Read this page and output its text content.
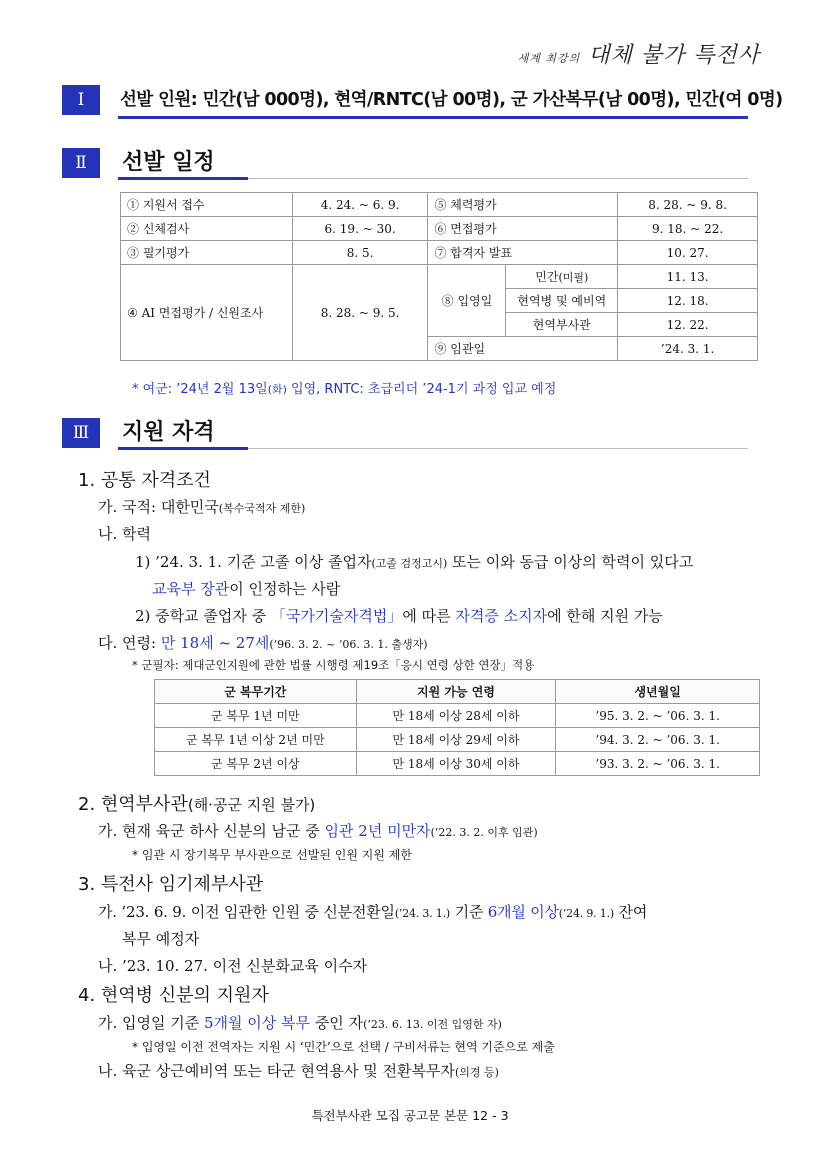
세계 최강의 대체 불가 특전사
Ⅰ	선발 인원: 민간(남 000명), 현역/RNTC(남 00명), 군 가산복무(남 00명), 민간(여 0명)
Ⅱ	선발 일정
① 지원서 접수	4. 24. ~ 6. 9.	⑤ 체력평가		8. 28. ~ 9. 8.
② 신체검사	6. 19. ~ 30.	⑥ 면접평가		9. 18. ~ 22.
③ 필기평가	8. 5.	⑦ 합격자 발표		10. 27.
④ AI 면접평가 / 신원조사	8. 28. ~ 9. 5.	⑧ 입영일	민간(미필)	11. 13.
			현역병 및 예비역	12. 18.
			현역부사관	12. 22.
		⑨ 임관일		’24. 3. 1.
* 여군: ’24년 2월 13일(화) 입영, RNTC: 초급리더 ’24-1기 과정 입교 예정
Ⅲ	지원 자격
1. 공통 자격조건
가. 국적: 대한민국(복수국적자 제한)
나. 학력
1) ’24. 3. 1. 기준 고졸 이상 졸업자(고졸 검정고시) 또는 이와 동급 이상의 학력이 있다고
교육부 장관이 인정하는 사람
2) 중학교 졸업자 중 「국가기술자격법」에 따른 자격증 소지자에 한해 지원 가능
다. 연령: 만 18세 ~ 27세(’96. 3. 2. ~ ’06. 3. 1. 출생자)
* 군필자: 제대군인지원에 관한 법률 시행령 제19조「응시 연령 상한 연장」적용
군 복무기간	지원 가능 연령	생년월일
군 복무 1년 미만	만 18세 이상 28세 이하	’95. 3. 2. ~ ’06. 3. 1.
군 복무 1년 이상 2년 미만	만 18세 이상 29세 이하	’94. 3. 2. ~ ’06. 3. 1.
군 복무 2년 이상	만 18세 이상 30세 이하	’93. 3. 2. ~ ’06. 3. 1.
2. 현역부사관(해·공군 지원 불가)
가. 현재 육군 하사 신분의 남군 중 임관 2년 미만자(’22. 3. 2. 이후 임관)
* 임관 시 장기복무 부사관으로 선발된 인원 지원 제한
3. 특전사 임기제부사관
가. ’23. 6. 9. 이전 임관한 인원 중 신분전환일(’24. 3. 1.) 기준 6개월 이상(’24. 9. 1.) 잔여
복무 예정자
나. ’23. 10. 27. 이전 신분화교육 이수자
4. 현역병 신분의 지원자
가. 입영일 기준 5개월 이상 복무 중인 자(’23. 6. 13. 이전 입영한 자)
* 입영일 이전 전역자는 지원 시 ‘민간’으로 선택 / 구비서류는 현역 기준으로 제출
나. 육군 상근예비역 또는 타군 현역용사 및 전환복무자(의경 등)
특전부사관 모집 공고문 본문 12 - 3
